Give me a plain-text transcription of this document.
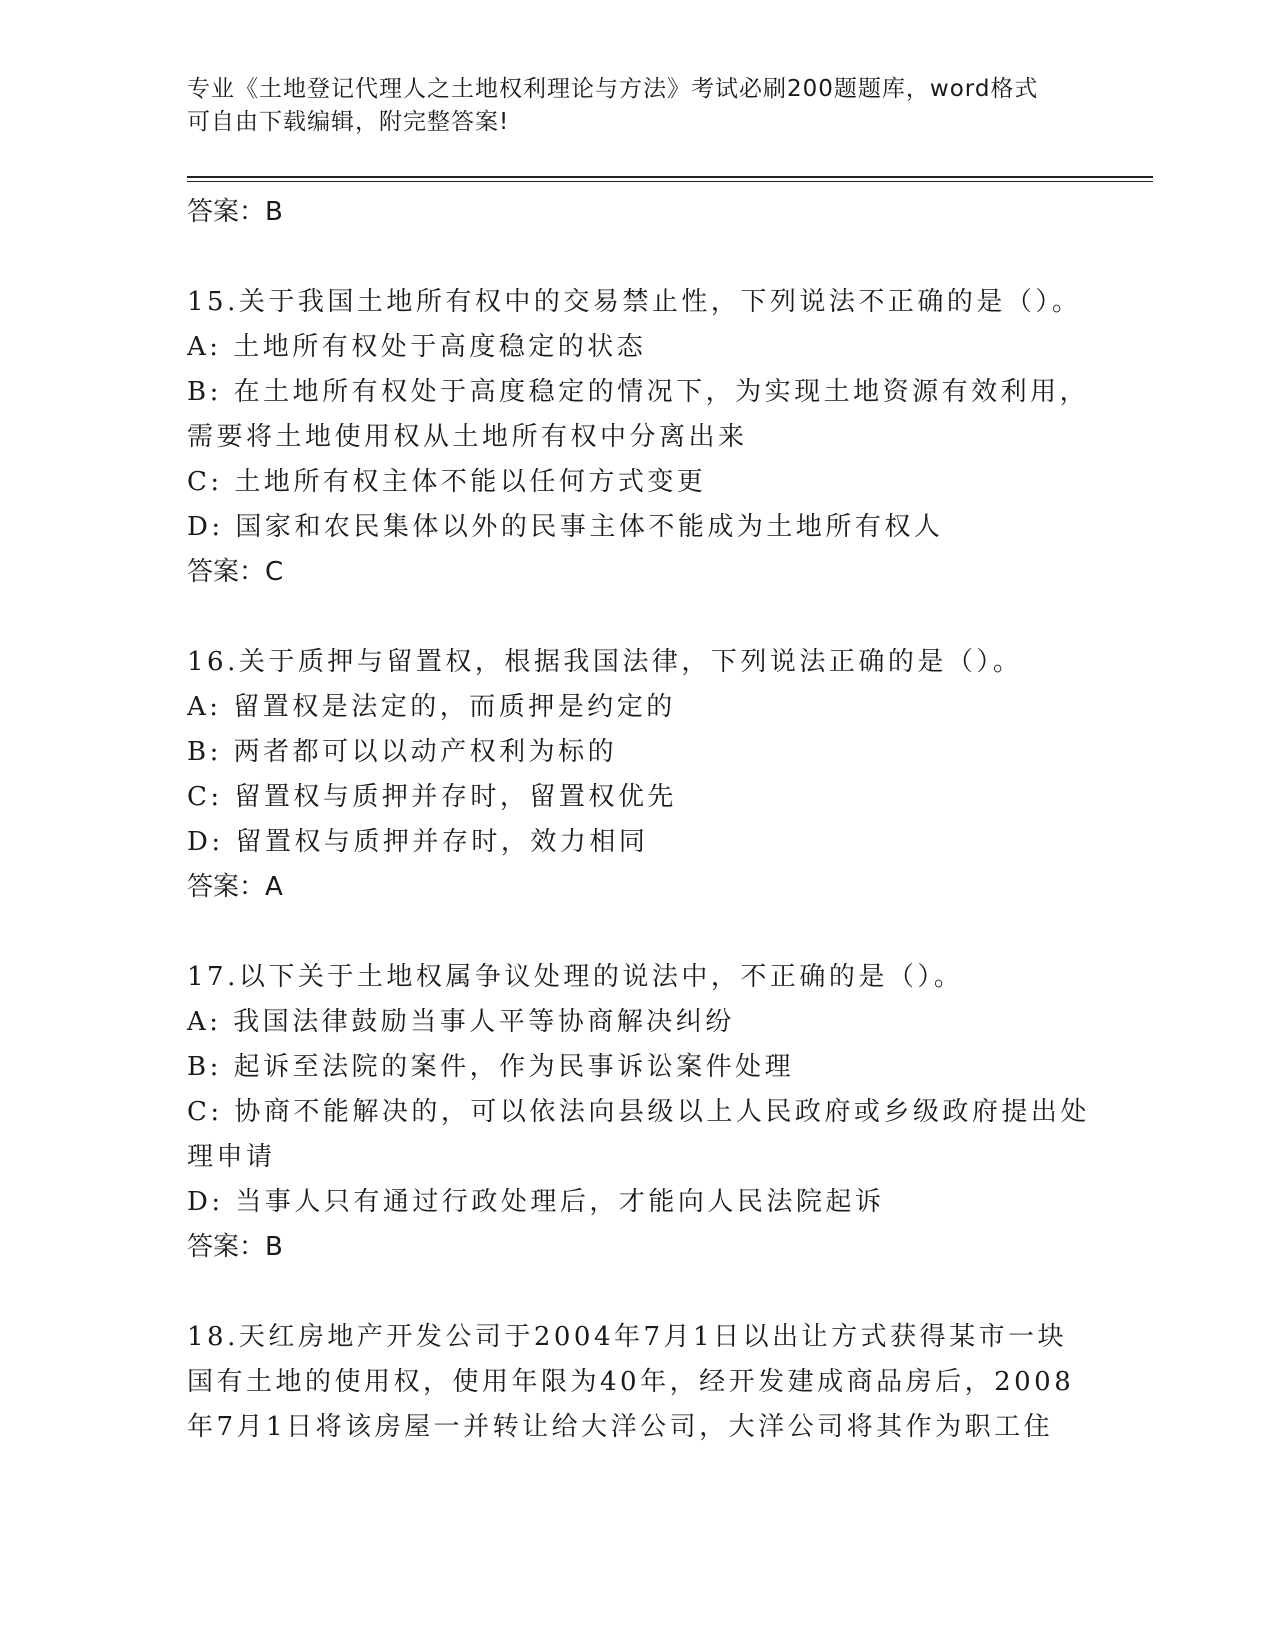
专业《土地登记代理人之土地权利理论与方法》考试必刷200题题库，word格式
可自由下载编辑，附完整答案!

答案：B

15.关于我国土地所有权中的交易禁止性，下列说法不正确的是（）。

A: 土地所有权处于高度稳定的状态

B: 在土地所有权处于高度稳定的情况下，为实现土地资源有效利用，

需要将土地使用权从土地所有权中分离出来

C: 土地所有权主体不能以任何方式变更

D: 国家和农民集体以外的民事主体不能成为土地所有权人

答案：C

16.关于质押与留置权，根据我国法律，下列说法正确的是（）。

A: 留置权是法定的，而质押是约定的

B: 两者都可以以动产权利为标的

C: 留置权与质押并存时，留置权优先

D: 留置权与质押并存时，效力相同

答案：A

17.以下关于土地权属争议处理的说法中，不正确的是（）。

A: 我国法律鼓励当事人平等协商解决纠纷

B: 起诉至法院的案件，作为民事诉讼案件处理

C: 协商不能解决的，可以依法向县级以上人民政府或乡级政府提出处

理申请

D: 当事人只有通过行政处理后，才能向人民法院起诉

答案：B

18.天红房地产开发公司于2004年7月1日以出让方式获得某市一块

国有土地的使用权，使用年限为40年，经开发建成商品房后，2008

年7月1日将该房屋一并转让给大洋公司，大洋公司将其作为职工住
